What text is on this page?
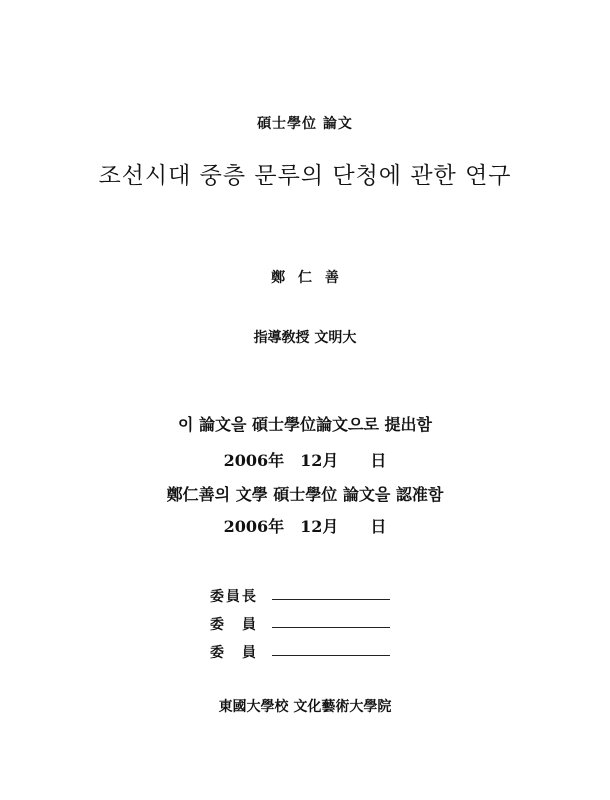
碩士學位 論文
조선시대 중층 문루의 단청에 관한 연구
鄭 仁 善
指導敎授 文明大
이 論文을 碩士學位論文으로 提出함
2006年　12月　　日
鄭仁善의 文學 碩士學位 論文을 認准함
2006年　12月　　日
委員長
委　員
委　員
東國大學校 文化藝術大學院
